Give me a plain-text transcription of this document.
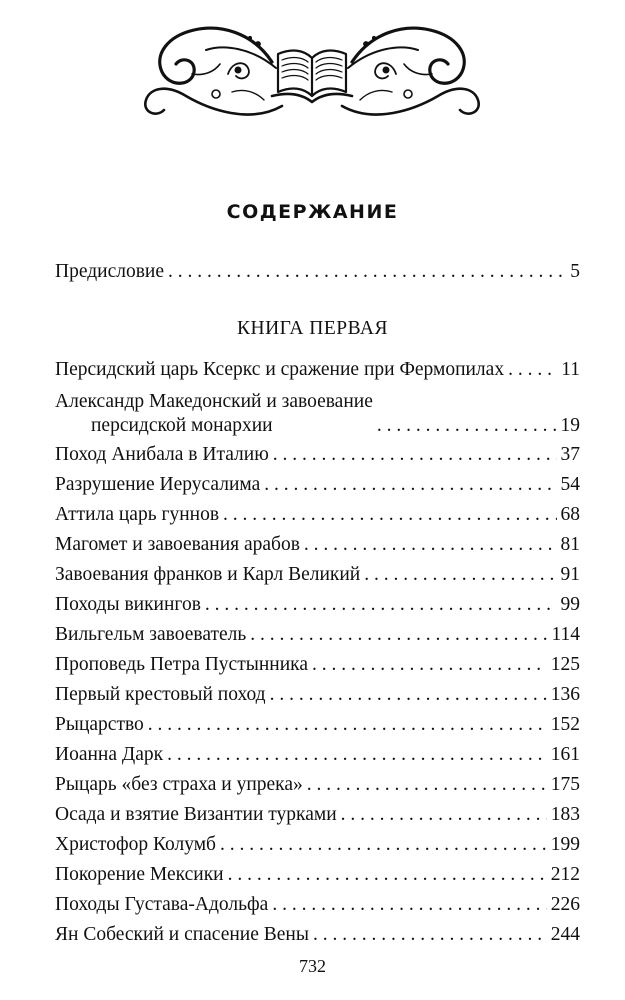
СОДЕРЖАНИЕ
Предисловие . . .	5
КНИГА ПЕРВАЯ
Персидский царь Ксеркс и сражение при Фермопилах . . .	11
Александр Македонский и завоевание
персидской монархии . . .	19
Поход Анибала в Италию . . .	37
Разрушение Иерусалима . . .	54
Аттила царь гуннов . . .	68
Магомет и завоевания арабов . . .	81
Завоевания франков и Карл Великий . . .	91
Походы викингов . . .	99
Вильгельм завоеватель . . .	114
Проповедь Петра Пустынника . . .	125
Первый крестовый поход . . .	136
Рыцарство . . .	152
Иоанна Дарк . . .	161
Рыцарь «без страха и упрека» . . .	175
Осада и взятие Византии турками . . .	183
Христофор Колумб . . .	199
Покорение Мексики . . .	212
Походы Густава-Адольфа . . .	226
Ян Собеский и спасение Вены . . .	244
732
